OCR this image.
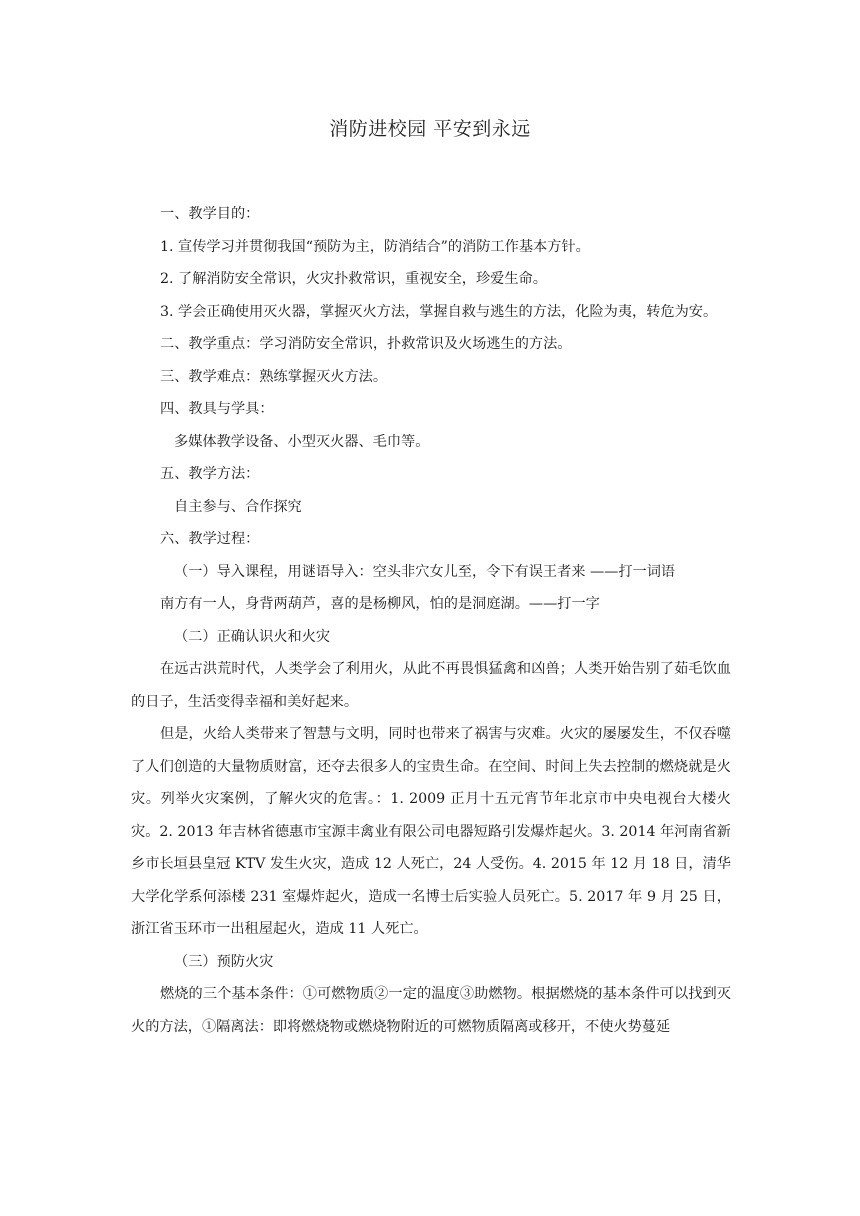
消防进校园 平安到永远

一、教学目的：

1. 宣传学习并贯彻我国“预防为主，防消结合”的消防工作基本方针。

2. 了解消防安全常识，火灾扑救常识，重视安全，珍爱生命。

3. 学会正确使用灭火器，掌握灭火方法，掌握自救与逃生的方法，化险为夷，转危为安。

二、教学重点：学习消防安全常识，扑救常识及火场逃生的方法。

三、教学难点：熟练掌握灭火方法。

四、教具与学具：

多媒体教学设备、小型灭火器、毛巾等。

五、教学方法：

自主参与、合作探究

六、教学过程：

（一）导入课程，用谜语导入：空头非穴女儿至，令下有误王者来 ——打一词语

南方有一人，身背两葫芦，喜的是杨柳风，怕的是洞庭湖。——打一字

（二）正确认识火和火灾

在远古洪荒时代，人类学会了利用火，从此不再畏惧猛禽和凶兽；人类开始告别了茹毛饮血的日子，生活变得幸福和美好起来。

但是，火给人类带来了智慧与文明，同时也带来了祸害与灾难。火灾的屡屡发生，不仅吞噬了人们创造的大量物质财富，还夺去很多人的宝贵生命。在空间、时间上失去控制的燃烧就是火灾。列举火灾案例，了解火灾的危害。：1. 2009 正月十五元宵节年北京市中央电视台大楼火灾。2. 2013 年吉林省德惠市宝源丰禽业有限公司电器短路引发爆炸起火。3. 2014 年河南省新乡市长垣县皇冠 KTV 发生火灾，造成 12 人死亡，24 人受伤。4. 2015 年 12 月 18 日，清华大学化学系何添楼 231 室爆炸起火，造成一名博士后实验人员死亡。5. 2017 年 9 月 25 日，浙江省玉环市一出租屋起火，造成 11 人死亡。

（三）预防火灾

燃烧的三个基本条件：①可燃物质②一定的温度③助燃物。根据燃烧的基本条件可以找到灭火的方法，①隔离法：即将燃烧物或燃烧物附近的可燃物质隔离或移开，不使火势蔓延
